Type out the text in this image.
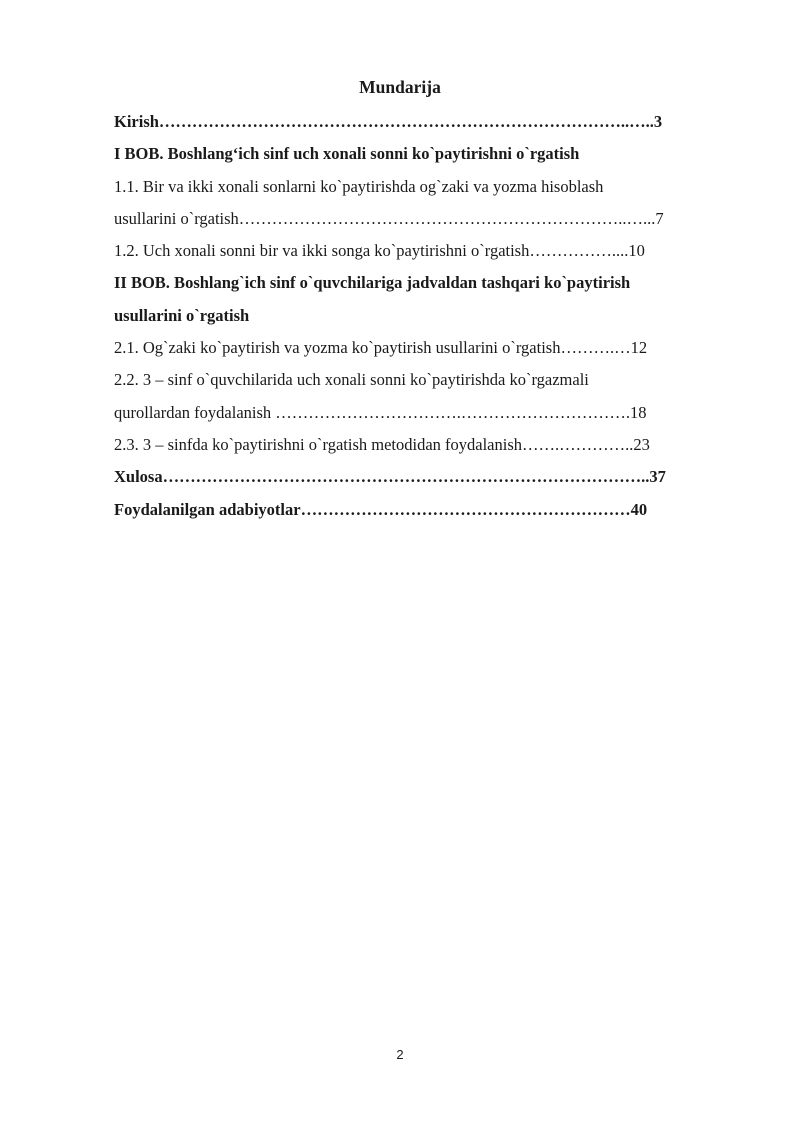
Mundarija
Kirish…………………………………………………………………………..…..3
I BOB. Boshlang‘ich sinf uch xonali sonni ko`paytirishni o`rgatish
1.1. Bir va ikki xonali sonlarni ko`paytirishda og`zaki va yozma hisoblash
usullarini o`rgatish……………………………………………………………..…...7
1.2. Uch xonali sonni bir va ikki songa ko`paytirishni o`rgatish……………....10
II BOB. Boshlang`ich sinf o`quvchilariga jadvaldan tashqari ko`paytirish
usullarini o`rgatish
2.1. Og`zaki ko`paytirish va yozma ko`paytirish usullarini o`rgatish……….…12
2.2. 3 – sinf o`quvchilarida uch xonali sonni ko`paytirishda ko`rgazmali
qurollardan foydalanish …………………………….………………………….18
2.3. 3 – sinfda ko`paytirishni o`rgatish metodidan foydalanish…….…………..23
Xulosa……………………………………………………………………………..37
Foydalanilgan adabiyotlar……………………………………………………40
2
